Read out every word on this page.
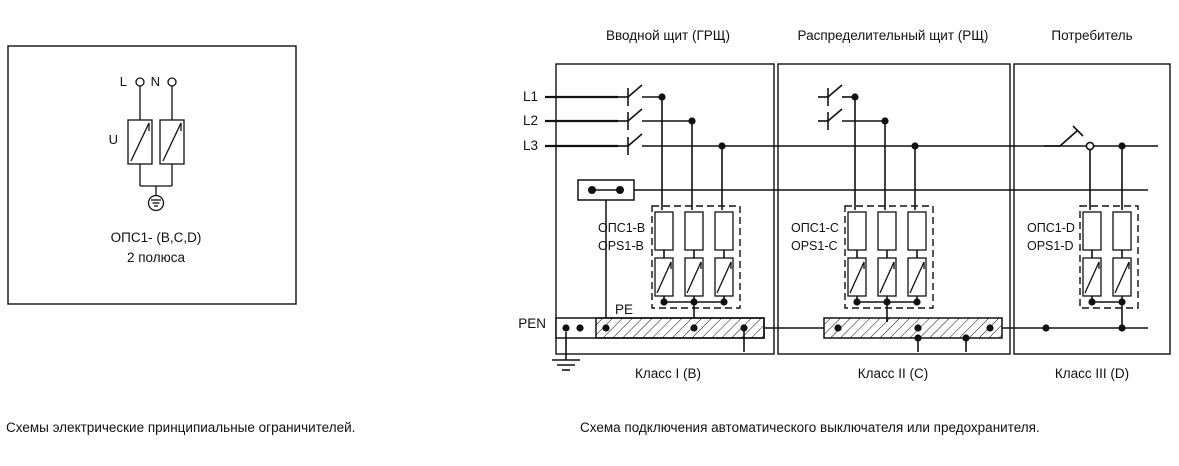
L N
U
ОПС1- (B,C,D)
2 полюса
Вводной щит (ГРЩ)	Распределительный щит (РЩ)	Потребитель
L1
L2
L3
ОПС1-B
OPS1-B
ОПС1-C
OPS1-C
ОПС1-D
OPS1-D
PEN
PE
Класс I (B)	Класс II (C)	Класс III (D)
Схемы электрические принципиальные ограничителей.	Схема подключения автоматического выключателя или предохранителя.
